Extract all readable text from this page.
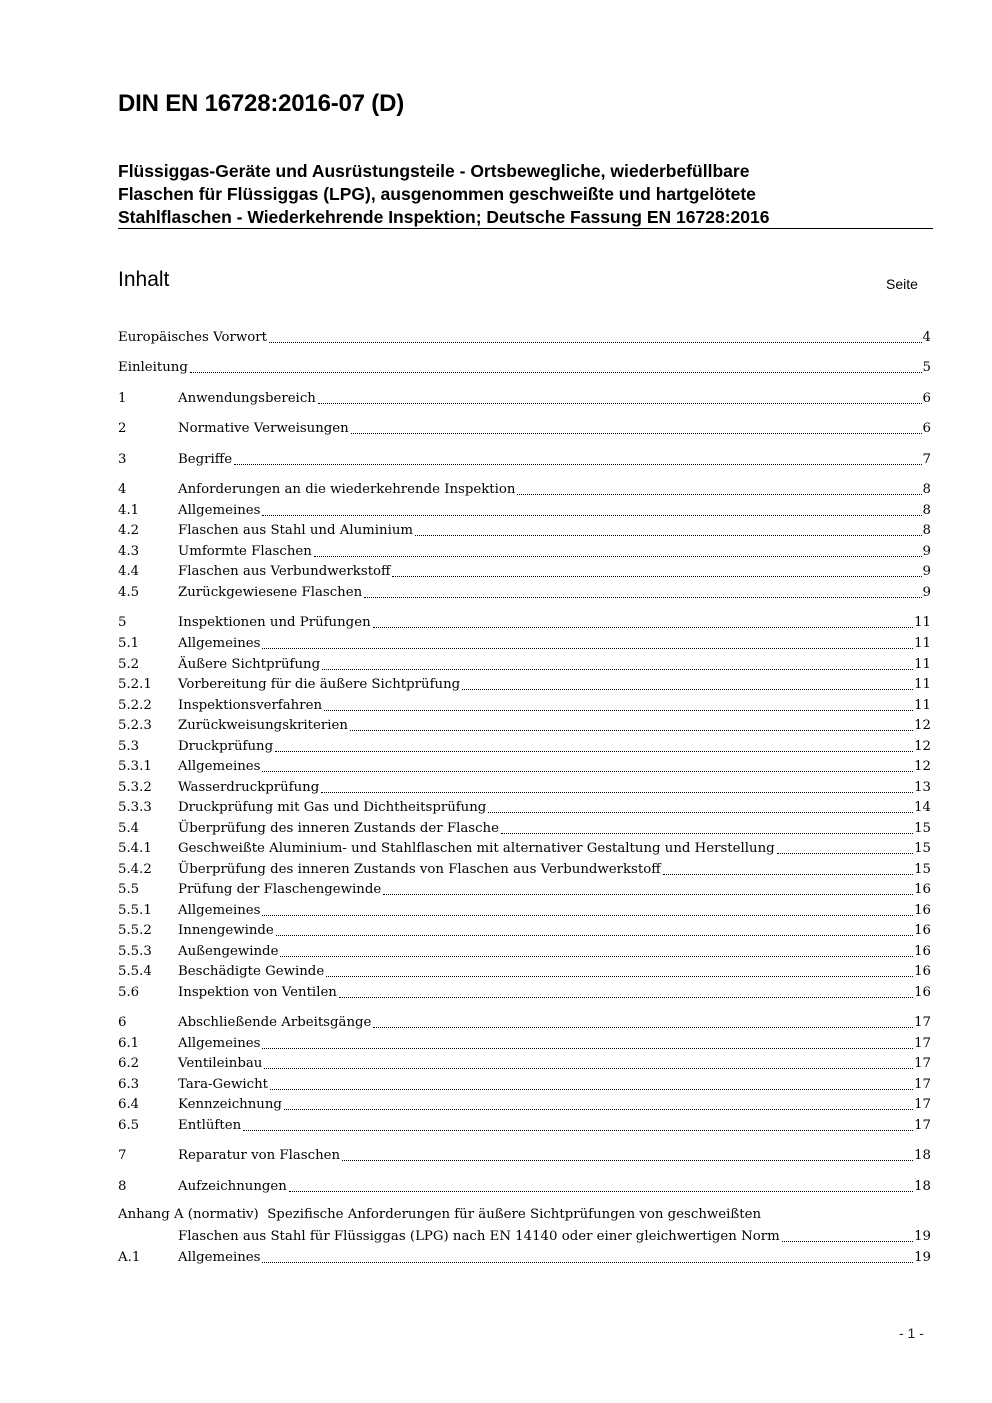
DIN EN 16728:2016-07 (D)
Flüssiggas-Geräte und Ausrüstungsteile - Ortsbewegliche, wiederbefüllbare
Flaschen für Flüssiggas (LPG), ausgenommen geschweißte und hartgelötete
Stahlflaschen - Wiederkehrende Inspektion; Deutsche Fassung EN 16728:2016
Inhalt	Seite
Europäisches Vorwort	4
Einleitung	5
1	Anwendungsbereich	6
2	Normative Verweisungen	6
3	Begriffe	7
4	Anforderungen an die wiederkehrende Inspektion	8
4.1	Allgemeines	8
4.2	Flaschen aus Stahl und Aluminium	8
4.3	Umformte Flaschen	9
4.4	Flaschen aus Verbundwerkstoff	9
4.5	Zurückgewiesene Flaschen	9
5	Inspektionen und Prüfungen	11
5.1	Allgemeines	11
5.2	Äußere Sichtprüfung	11
5.2.1	Vorbereitung für die äußere Sichtprüfung	11
5.2.2	Inspektionsverfahren	11
5.2.3	Zurückweisungskriterien	12
5.3	Druckprüfung	12
5.3.1	Allgemeines	12
5.3.2	Wasserdruckprüfung	13
5.3.3	Druckprüfung mit Gas und Dichtheitsprüfung	14
5.4	Überprüfung des inneren Zustands der Flasche	15
5.4.1	Geschweißte Aluminium- und Stahlflaschen mit alternativer Gestaltung und Herstellung	15
5.4.2	Überprüfung des inneren Zustands von Flaschen aus Verbundwerkstoff	15
5.5	Prüfung der Flaschengewinde	16
5.5.1	Allgemeines	16
5.5.2	Innengewinde	16
5.5.3	Außengewinde	16
5.5.4	Beschädigte Gewinde	16
5.6	Inspektion von Ventilen	16
6	Abschließende Arbeitsgänge	17
6.1	Allgemeines	17
6.2	Ventileinbau	17
6.3	Tara-Gewicht	17
6.4	Kennzeichnung	17
6.5	Entlüften	17
7	Reparatur von Flaschen	18
8	Aufzeichnungen	18
Anhang A (normativ) Spezifische Anforderungen für äußere Sichtprüfungen von geschweißten
Flaschen aus Stahl für Flüssiggas (LPG) nach EN 14140 oder einer gleichwertigen Norm	19
A.1	Allgemeines	19
- 1 -
